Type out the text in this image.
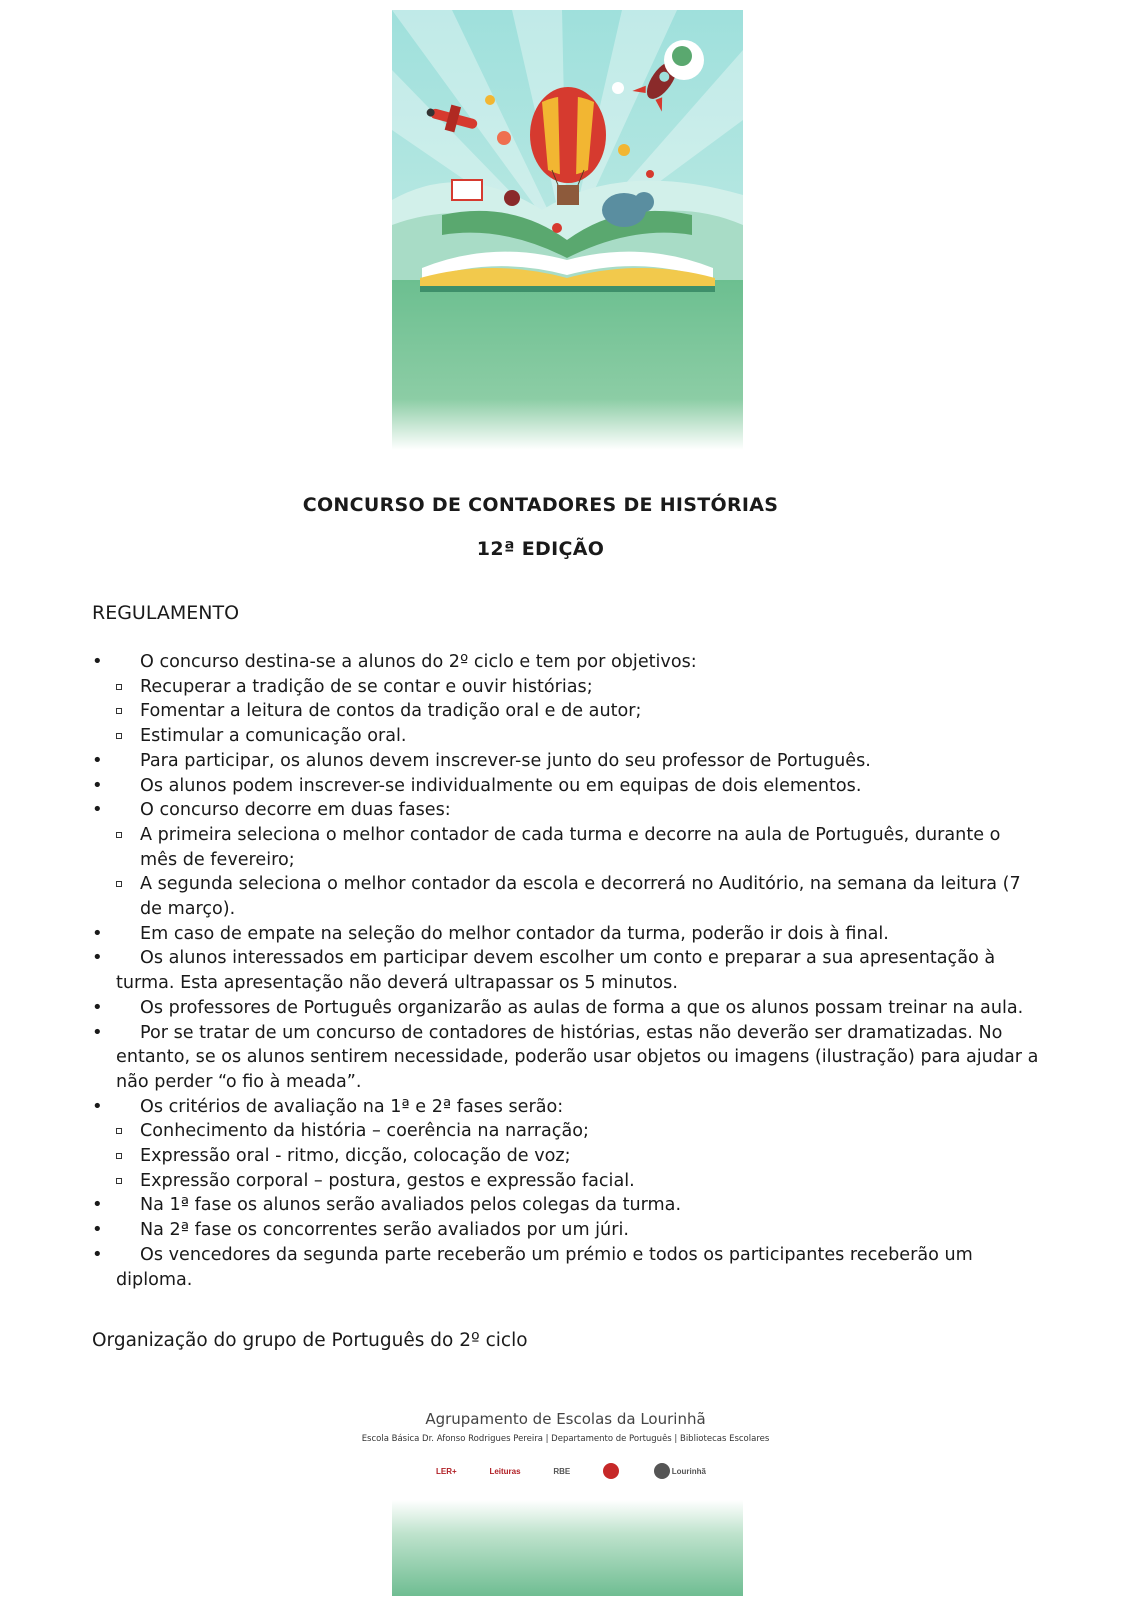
CONCURSO DE CONTADORES DE HISTÓRIAS
12ª EDIÇÃO
REGULAMENTO
• O concurso destina-se a alunos do 2º ciclo e tem por objetivos:
Recuperar a tradição de se contar e ouvir histórias;
Fomentar a leitura de contos da tradição oral e de autor;
Estimular a comunicação oral.
• Para participar, os alunos devem inscrever-se junto do seu professor de Português.
• Os alunos podem inscrever-se individualmente ou em equipas de dois elementos.
• O concurso decorre em duas fases:
A primeira seleciona o melhor contador de cada turma e decorre na aula de Português, durante o mês de fevereiro;
A segunda seleciona o melhor contador da escola e decorrerá no Auditório, na semana da leitura (7 de março).
• Em caso de empate na seleção do melhor contador da turma, poderão ir dois à final.
• Os alunos interessados em participar devem escolher um conto e preparar a sua apresentação à turma. Esta apresentação não deverá ultrapassar os 5 minutos.
• Os professores de Português organizarão as aulas de forma a que os alunos possam treinar na aula.
• Por se tratar de um concurso de contadores de histórias, estas não deverão ser dramatizadas. No entanto, se os alunos sentirem necessidade, poderão usar objetos ou imagens (ilustração) para ajudar a não perder “o fio à meada”.
• Os critérios de avaliação na 1ª e 2ª fases serão:
Conhecimento da história – coerência na narração;
Expressão oral - ritmo, dicção, colocação de voz;
Expressão corporal – postura, gestos e expressão facial.
• Na 1ª fase os alunos serão avaliados pelos colegas da turma.
• Na 2ª fase os concorrentes serão avaliados por um júri.
• Os vencedores da segunda parte receberão um prémio e todos os participantes receberão um diploma.
Organização do grupo de Português do 2º ciclo
Agrupamento de Escolas da Lourinhã
Escola Básica Dr. Afonso Rodrigues Pereira | Departamento de Português | Bibliotecas Escolares
LER+	Leituras	RBE	Lourinhã
